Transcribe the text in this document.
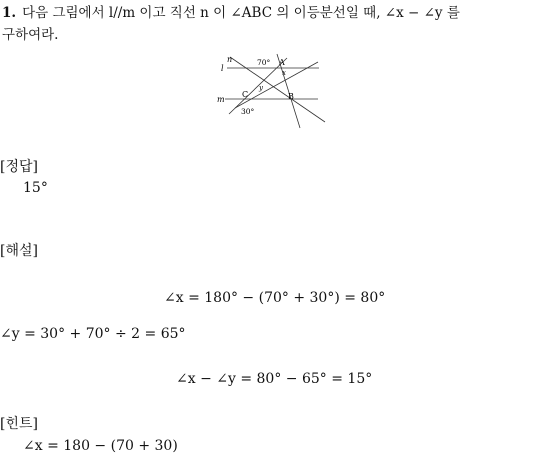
1. 다음 그림에서 l//m 이고 직선 n 이 ∠ABC 의 이등분선일 때, ∠x − ∠y 를
구하여라.
n
l
m
70° A
x
y
C	B
30°
[정답]
15°
[해설]
∠x = 180° − (70° + 30°) = 80°
∠y = 30° + 70° ÷ 2 = 65°
∠x − ∠y = 80° − 65° = 15°
[힌트]
∠x = 180 − (70 + 30)
